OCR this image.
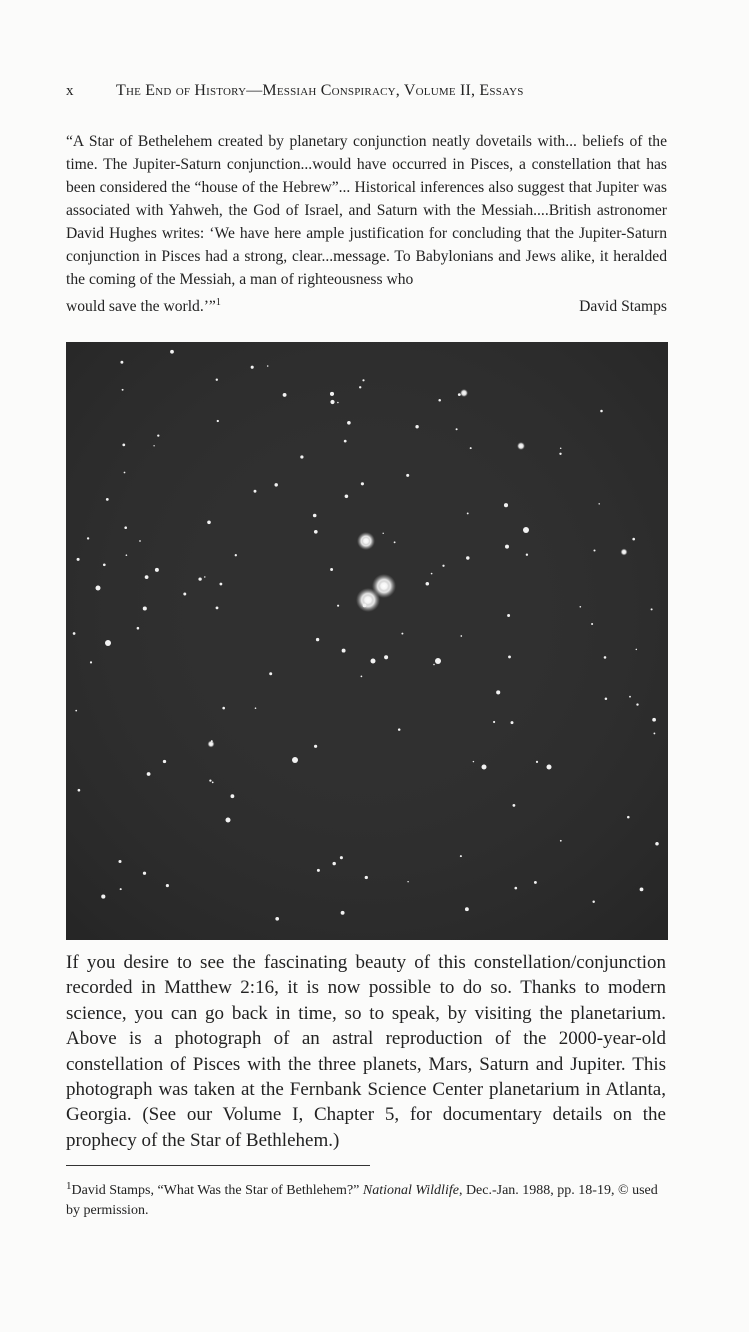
x	The End of History—Messiah Conspiracy, Volume II, Essays

“A Star of Bethelehem created by planetary conjunction neatly dovetails with... beliefs of the time. The Jupiter-Saturn conjunction...would have occurred in Pisces, a constellation that has been considered the “house of the Hebrew”... Historical inferences also suggest that Jupiter was associated with Yahweh, the God of Israel, and Saturn with the Messiah....British astronomer David Hughes writes: ‘We have here ample justification for concluding that the Jupiter-Saturn conjunction in Pisces had a strong, clear...message. To Babylonians and Jews alike, it heralded the coming of the Messiah, a man of righteousness who

would save the world.’”$^1$	David Stamps

If you desire to see the fascinating beauty of this constellation/conjunction recorded in Matthew 2:16, it is now possible to do so. Thanks to modern science, you can go back in time, so to speak, by visiting the planetarium. Above is a photograph of an astral reproduction of the 2000-year-old constellation of Pisces with the three planets, Mars, Saturn and Jupiter. This photograph was taken at the Fernbank Science Center planetarium in Atlanta, Georgia. (See our Volume I, Chapter 5, for documentary details on the prophecy of the Star of Bethlehem.)

$^1$David Stamps, “What Was the Star of Bethlehem?” National Wildlife, Dec.-Jan. 1988, pp. 18-19, © used by permission.
